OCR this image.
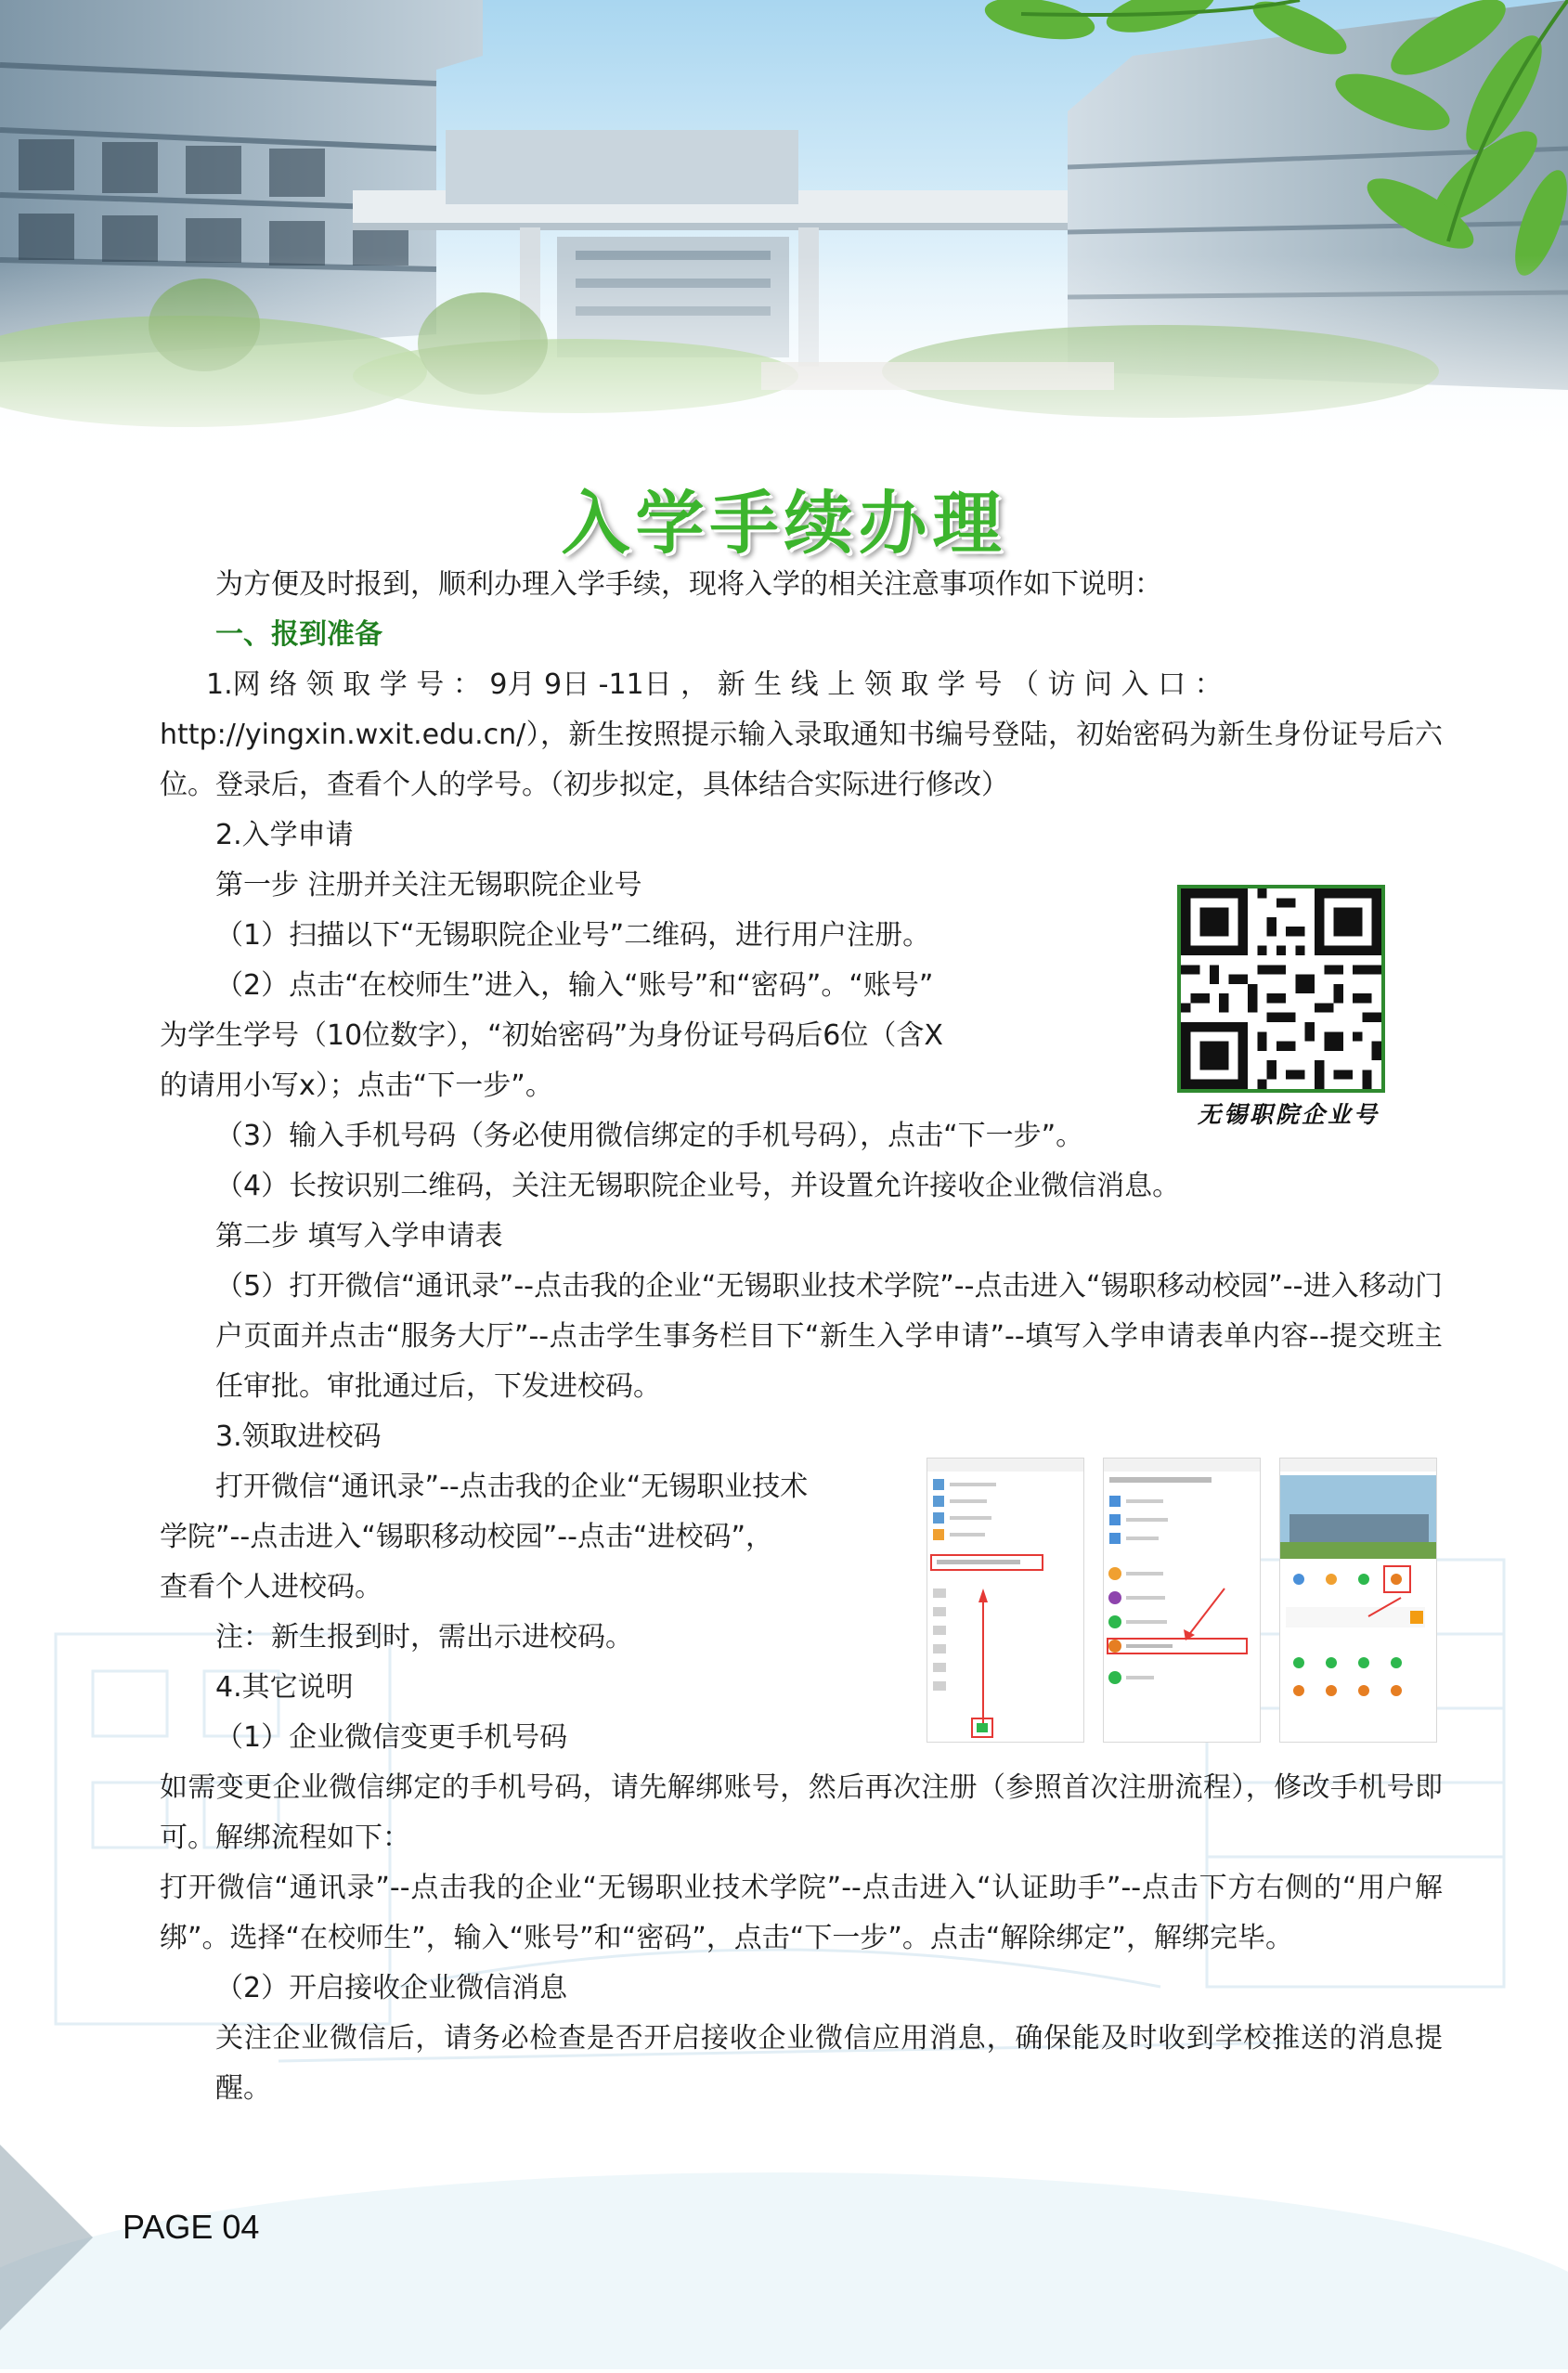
入学手续办理

为方便及时报到，顺利办理入学手续，现将入学的相关注意事项作如下说明：

一、报到准备

1.网 络 领 取 学 号 ： 9月 9日 -11日 ， 新 生 线 上 领 取 学 号 （ 访 问 入 口 ：

http://yingxin.wxit.edu.cn/），新生按照提示输入录取通知书编号登陆，初始密码为新生身份证号后六位。登录后，查看个人的学号。（初步拟定，具体结合实际进行修改）

2.入学申请

第一步 注册并关注无锡职院企业号

（1）扫描以下“无锡职院企业号”二维码，进行用户注册。

（2）点击“在校师生”进入，输入“账号”和“密码”。“账号”

为学生学号（10位数字），“初始密码”为身份证号码后6位（含X

的请用小写x）；点击“下一步”。

（3）输入手机号码（务必使用微信绑定的手机号码），点击“下一步”。

（4）长按识别二维码，关注无锡职院企业号，并设置允许接收企业微信消息。

第二步 填写入学申请表

（5）打开微信“通讯录”--点击我的企业“无锡职业技术学院”--点击进入“锡职移动校园”--进入移动门户页面并点击“服务大厅”--点击学生事务栏目下“新生入学申请”--填写入学申请表单内容--提交班主任审批。审批通过后，下发进校码。

3.领取进校码

打开微信“通讯录”--点击我的企业“无锡职业技术

学院”--点击进入“锡职移动校园”--点击“进校码”，

查看个人进校码。

注：新生报到时，需出示进校码。

4.其它说明

（1）企业微信变更手机号码

如需变更企业微信绑定的手机号码，请先解绑账号，然后再次注册（参照首次注册流程），修改手机号即可。解绑流程如下：

打开微信“通讯录”--点击我的企业“无锡职业技术学院”--点击进入“认证助手”--点击下方右侧的“用户解绑”。选择“在校师生”，输入“账号”和“密码”，点击“下一步”。点击“解除绑定”，解绑完毕。

（2）开启接收企业微信消息

关注企业微信后，请务必检查是否开启接收企业微信应用消息，确保能及时收到学校推送的消息提醒。

无锡职院企业号
PAGE 04
